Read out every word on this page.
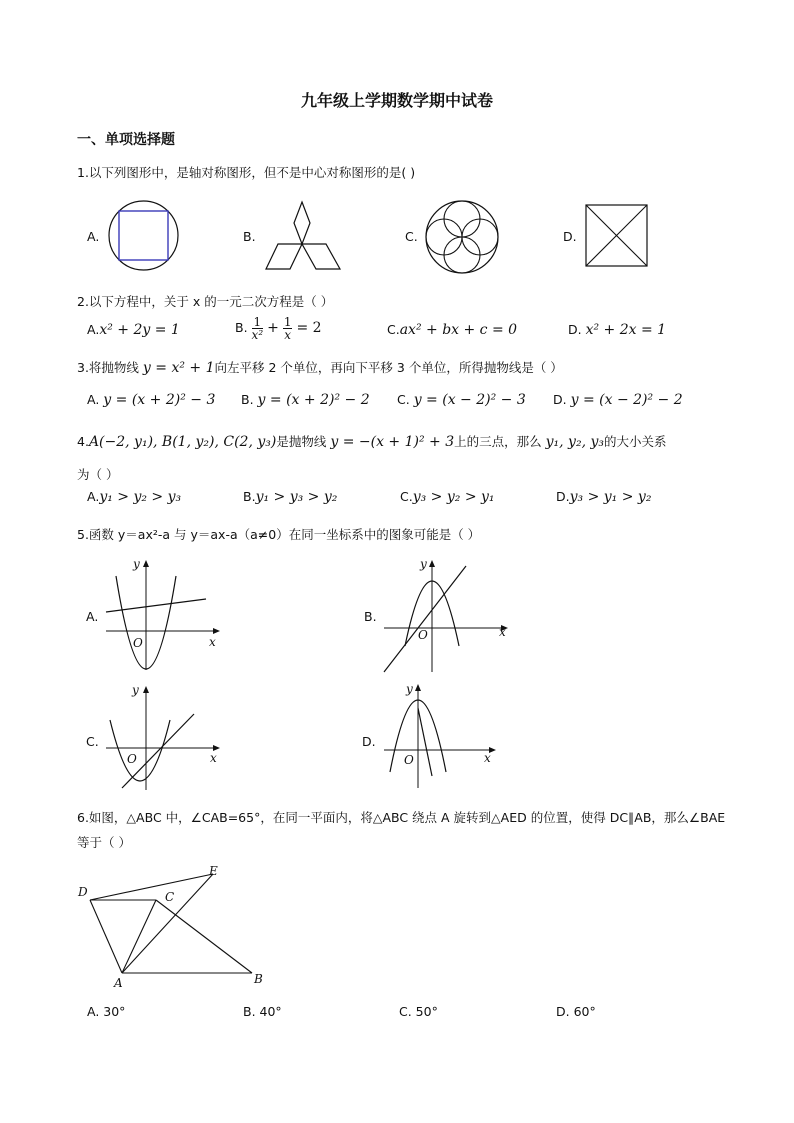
九年级上学期数学期中试卷
一、单项选择题
1.以下列图形中，是轴对称图形，但不是中心对称图形的是( )
A.	B.	C.	D.
2.以下方程中，关于 x 的一元二次方程是（ ）
A.x² + 2y = 1	B. $\frac{1}{\text{x²}} + \frac{1}{x} = 2$	C.ax² + bx + c = 0	D. x² + 2x = 1
3.将抛物线 y = x² + 1向左平移 2 个单位，再向下平移 3 个单位，所得抛物线是（ ）
A. y = (x + 2)² − 3 B. y = (x + 2)² − 2 C. y = (x − 2)² − 3 D. y = (x − 2)² − 2
4.A(−2, y₁), B(1, y₂), C(2, y₃)是抛物线 y = −(x + 1)² + 3上的三点，那么 y₁, y₂, y₃的大小关系
为（ ）
A.y₁ > y₂ > y₃	B.y₁ > y₃ > y₂	C.y₃ > y₂ > y₁	D.y₃ > y₁ > y₂
5.函数 y＝ax²-a 与 y＝ax-a（a≠0）在同一坐标系中的图象可能是（ ）
A.	B.
C.	D.
x
y
O
x
y
O
x
y
O	x
y
O
6.如图，△ABC 中，∠CAB=65°，在同一平面内，将△ABC 绕点 A 旋转到△AED 的位置，使得 DC∥AB，那么∠BAE
等于（ ）
D	C
E
A	B
A. 30°	B. 40°	C. 50°	D. 60°
